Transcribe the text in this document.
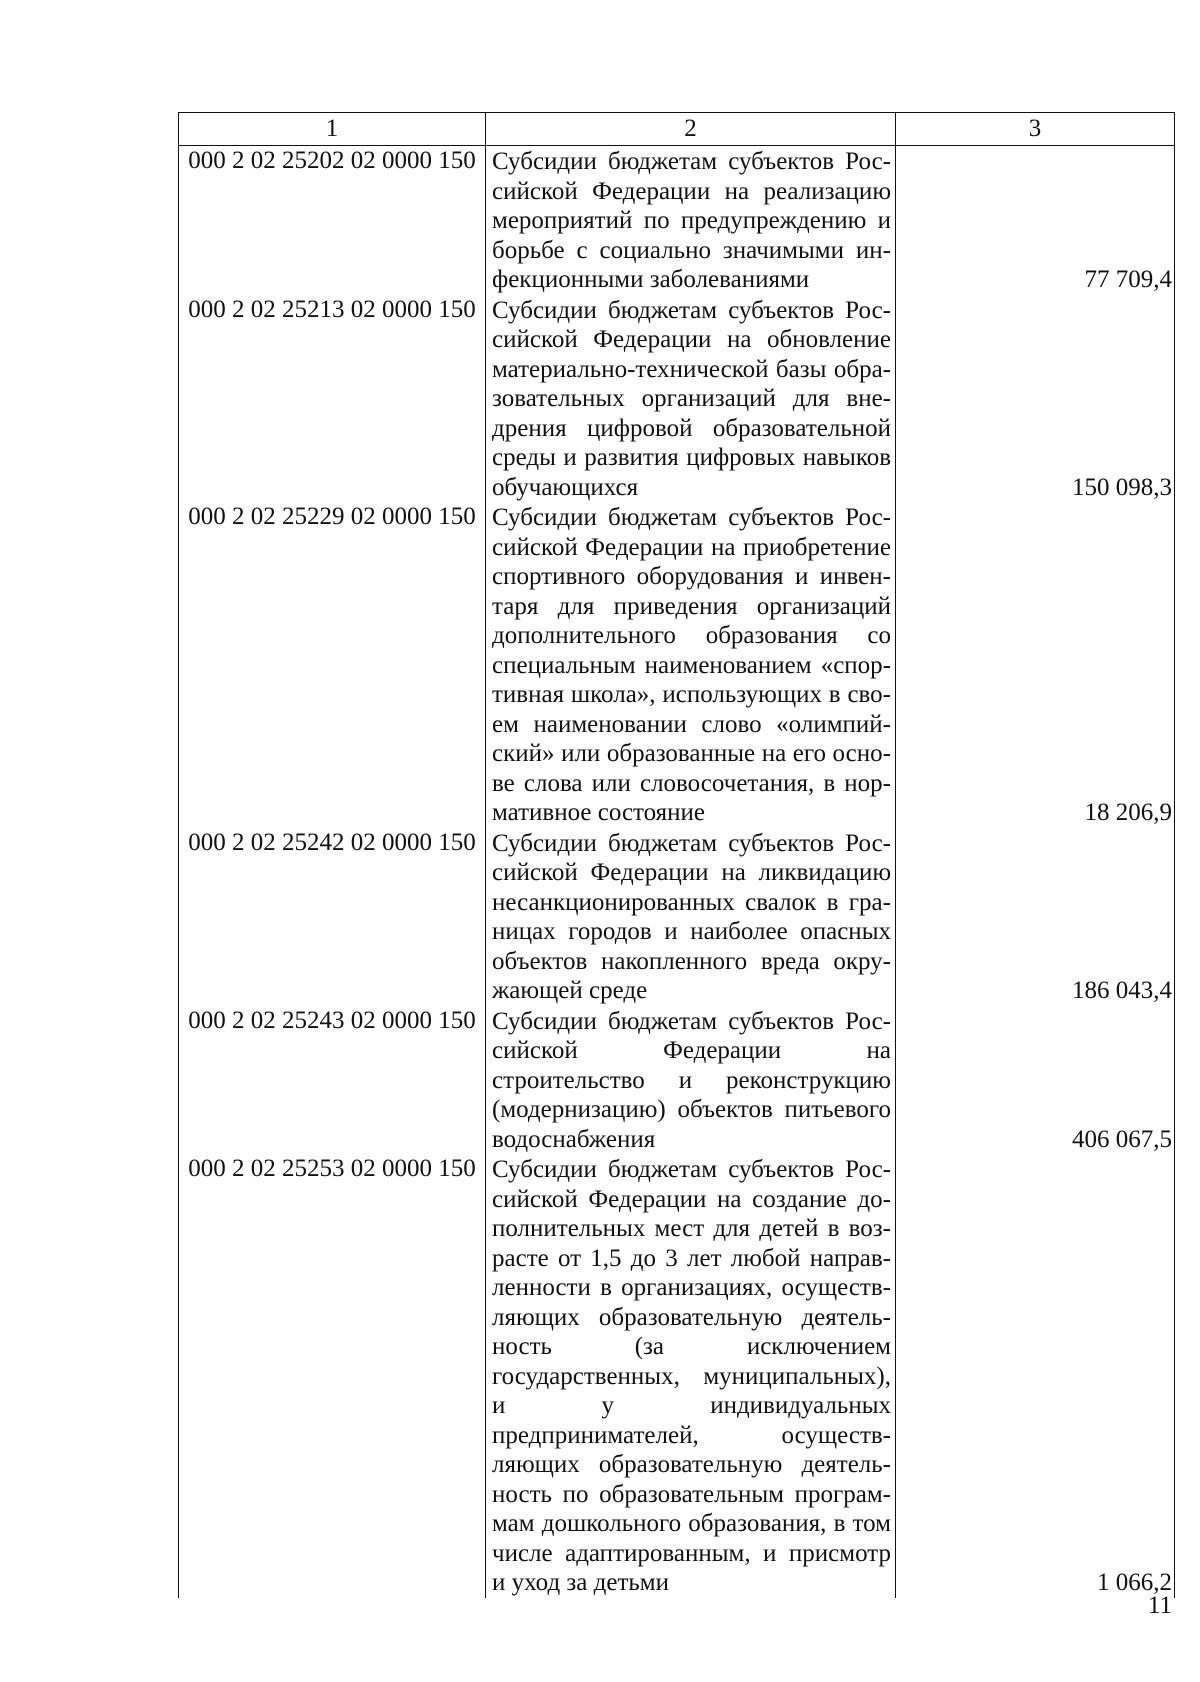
1	2	3
000 2 02 25202 02 0000 150	Субсидии бюджетам субъектов Российской Федерации на реализацию мероприятий по предупреждению и борьбе с социально значимыми инфекционными заболеваниями	77 709,4
000 2 02 25213 02 0000 150	Субсидии бюджетам субъектов Российской Федерации на обновление материально-технической базы образовательных организаций для внедрения цифровой образовательной среды и развития цифровых навыков обучающихся	150 098,3
000 2 02 25229 02 0000 150	Субсидии бюджетам субъектов Российской Федерации на приобретение спортивного оборудования и инвентаря для приведения организаций дополнительного образования со специальным наименованием «спортивная школа», использующих в своем наименовании слово «олимпийский» или образованные на его основе слова или словосочетания, в нормативное состояние	18 206,9
000 2 02 25242 02 0000 150	Субсидии бюджетам субъектов Российской Федерации на ликвидацию несанкционированных свалок в границах городов и наиболее опасных объектов накопленного вреда окружающей среде	186 043,4
000 2 02 25243 02 0000 150	Субсидии бюджетам субъектов Российской Федерации на строительство и реконструкцию (модернизацию) объектов питьевого водоснабжения	406 067,5
000 2 02 25253 02 0000 150	Субсидии бюджетам субъектов Российской Федерации на создание дополнительных мест для детей в возрасте от 1,5 до 3 лет любой направленности в организациях, осуществляющих образовательную деятельность (за исключением государственных, муниципальных), и у индивидуальных предпринимателей, осуществляющих образовательную деятельность по образовательным программам дошкольного образования, в том числе адаптированным, и присмотр и уход за детьми	1 066,2
11
